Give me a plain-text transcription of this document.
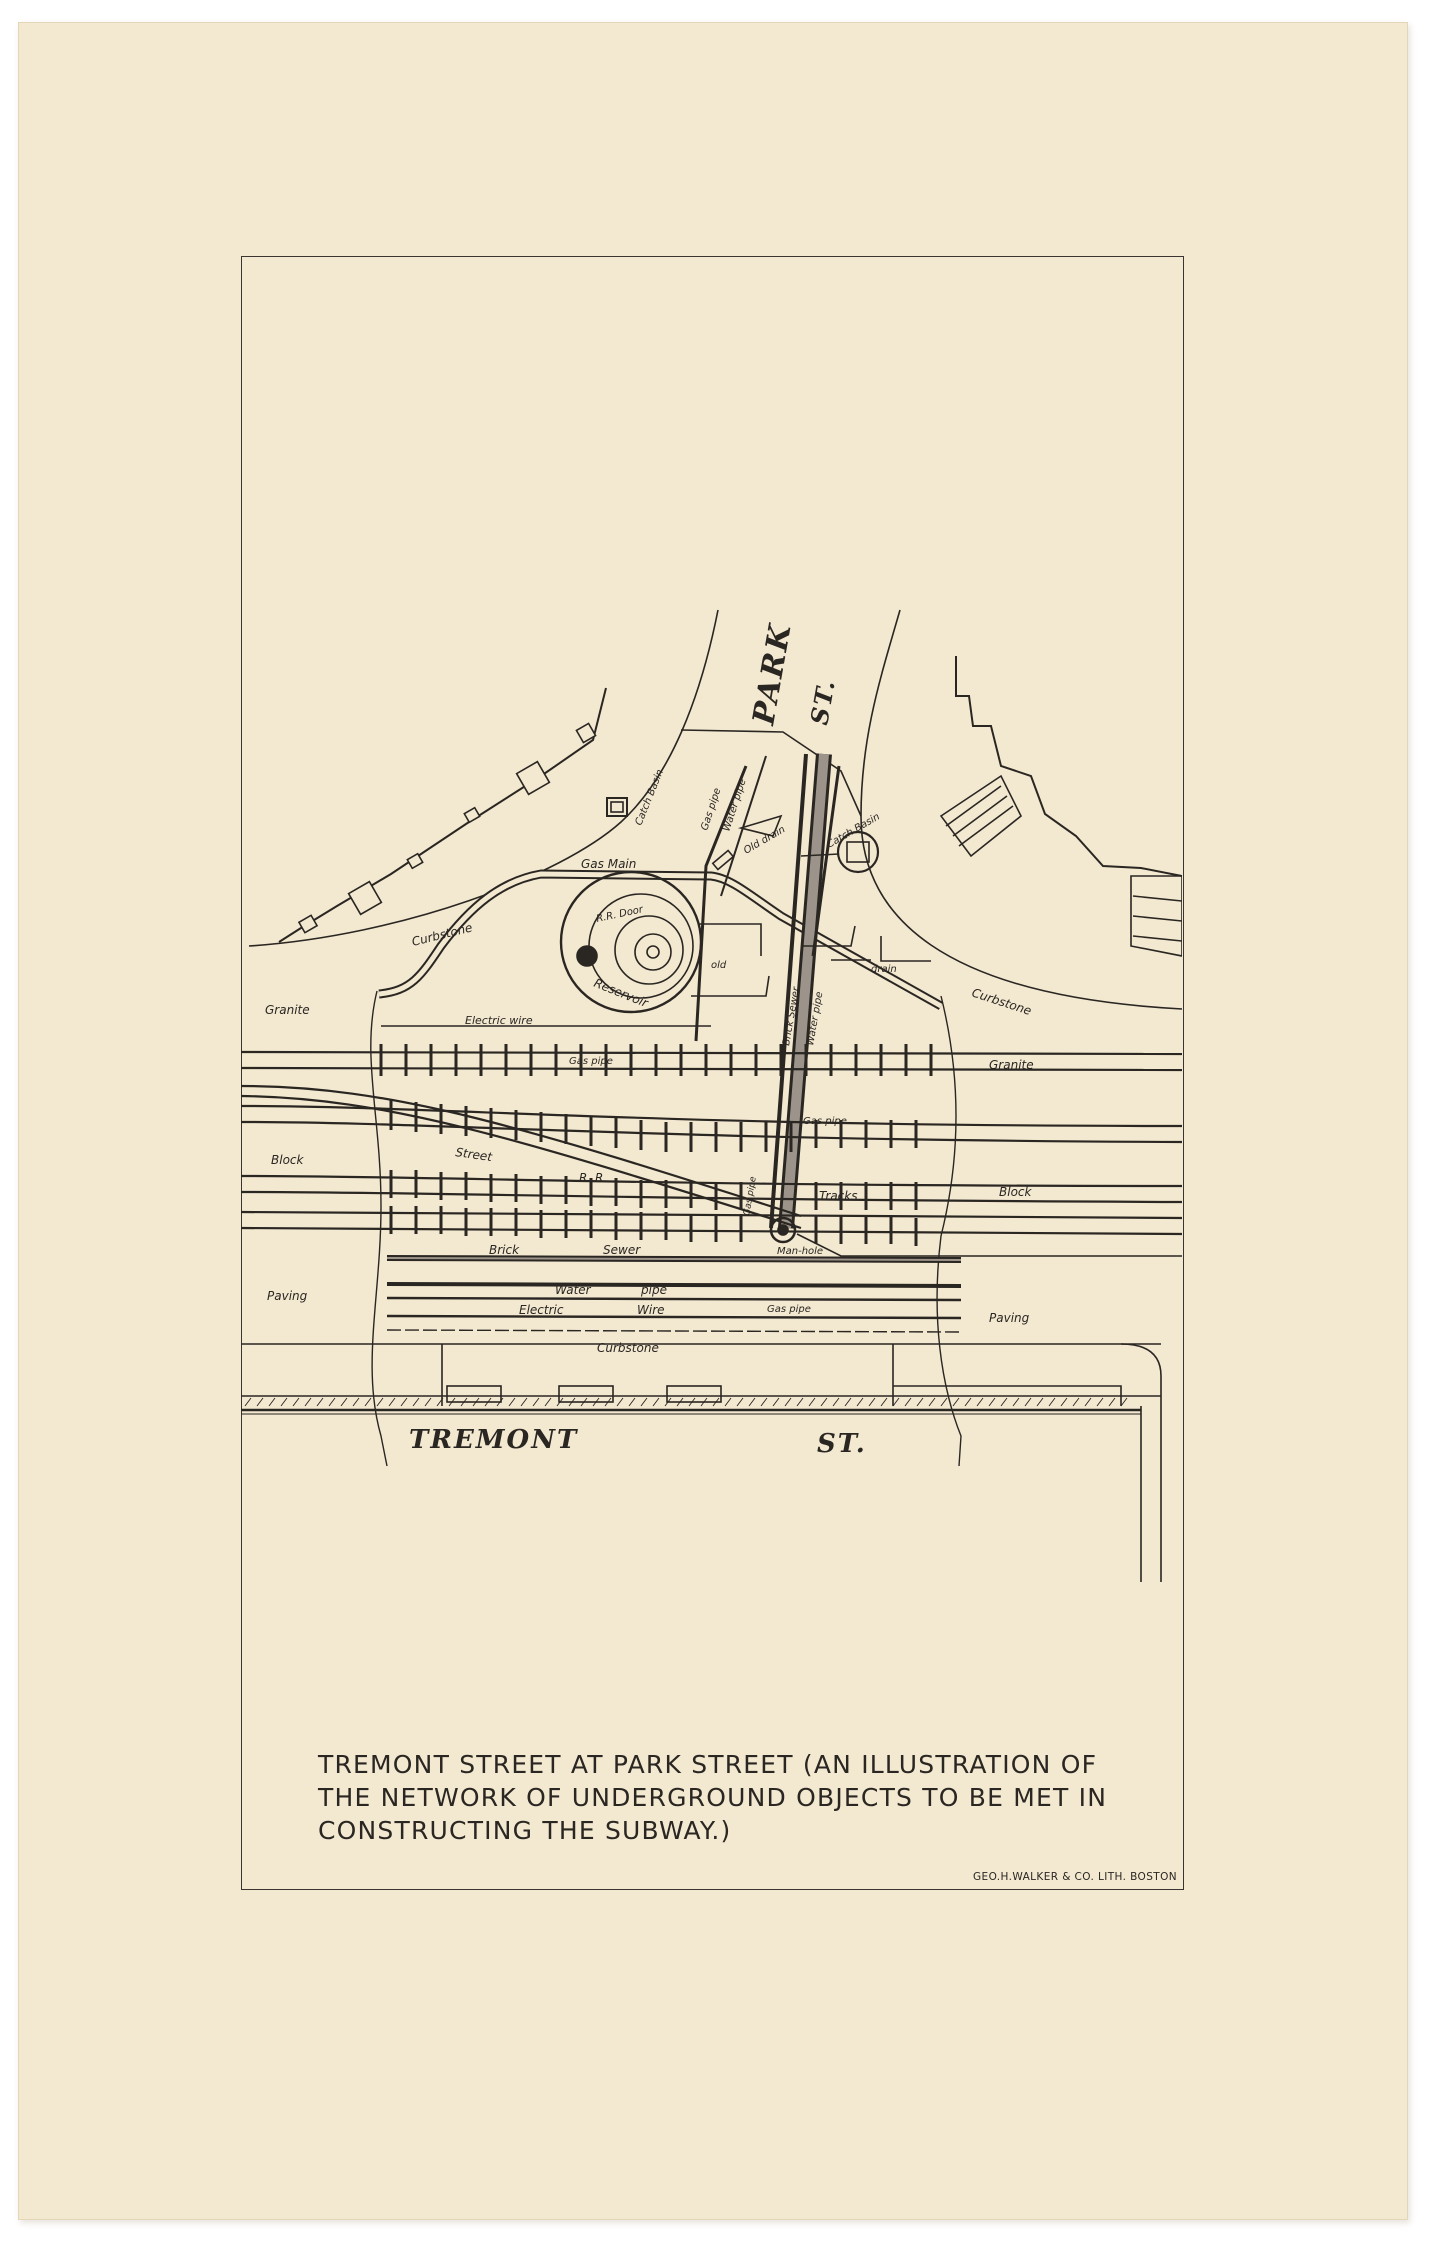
PARK ST.
TREMONT	ST.
Granite
Granite
Block
Block
Paving
Paving
Curbstone
Curbstone
Curbstone
Gas Main
Catch Basin
Catch Basin
Gas pipe
Water pipe
Old drain
drain
old
Reservoir
R.R. Door
Brick Sewer Water pipe
Electric wire
Gas pipe
Gas pipe
Street
R. R.
Tracks
Gas pipe
Man-hole
Brick	Sewer
Water	pipe
Electric	Wire	Gas pipe
TREMONT STREET AT PARK STREET (AN ILLUSTRATION OF
THE NETWORK OF UNDERGROUND OBJECTS TO BE MET IN
CONSTRUCTING THE SUBWAY.)
GEO.H.WALKER & CO. LITH. BOSTON
